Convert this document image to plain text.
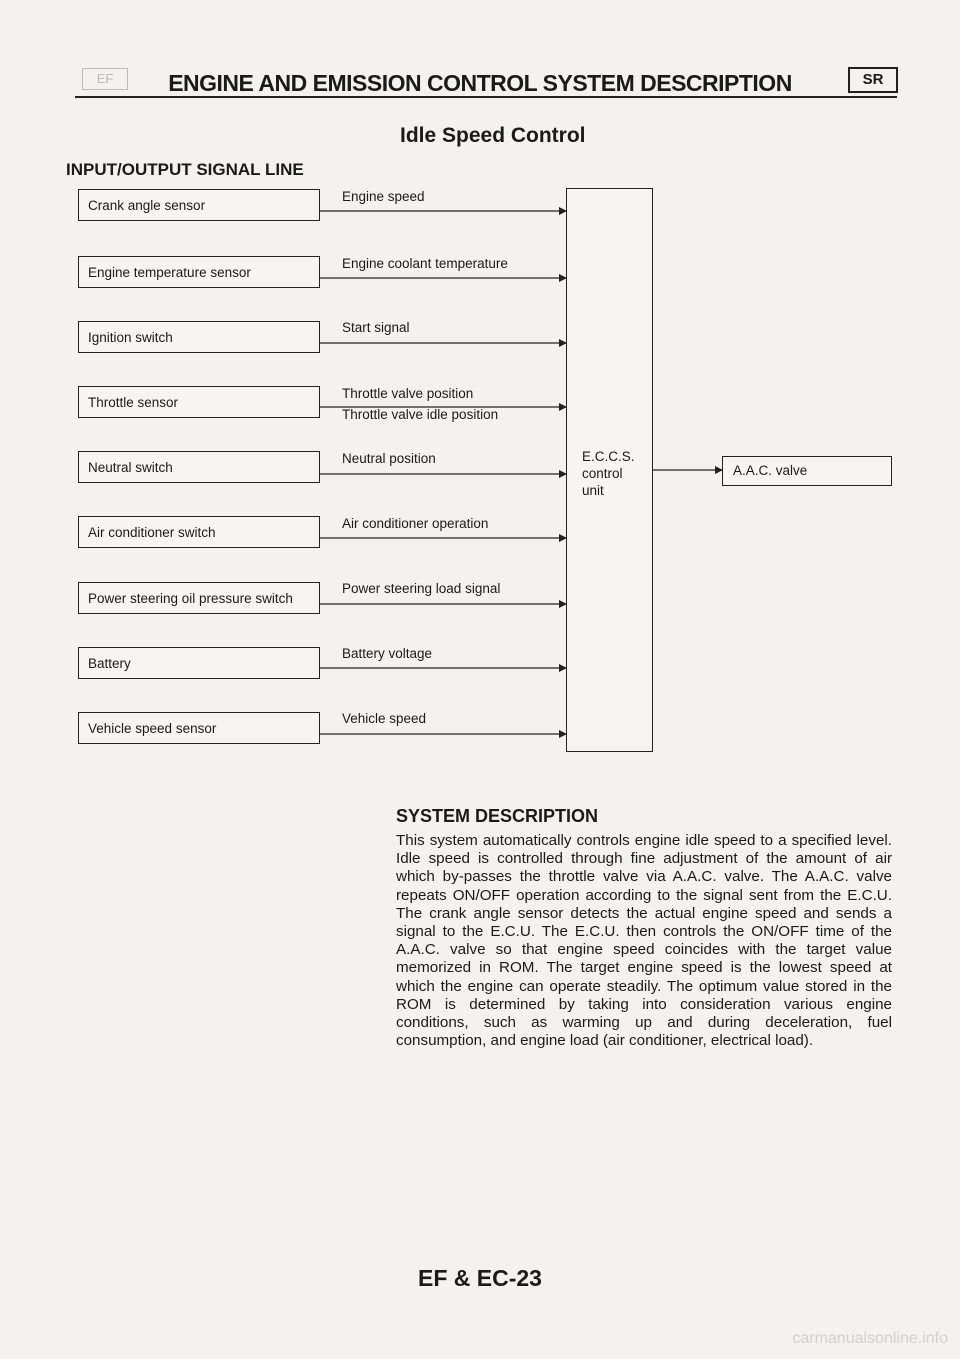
EF	ENGINE AND EMISSION CONTROL SYSTEM DESCRIPTION	SR
Idle Speed Control
INPUT/OUTPUT SIGNAL LINE
Crank angle sensor
Engine temperature sensor
Ignition switch
Throttle sensor
Neutral switch
Air conditioner switch
Power steering oil pressure switch
Battery
Vehicle speed sensor
Engine speed
Engine coolant temperature
Start signal
Throttle valve position
Throttle valve idle position
Neutral position
Air conditioner operation
Power steering load signal
Battery voltage
Vehicle speed
E.C.C.S.
control
unit
A.A.C. valve
SYSTEM DESCRIPTION
This system automatically controls engine idle speed to a specified level. Idle speed is controlled through fine adjustment of the amount of air which by-passes the throttle valve via A.A.C. valve. The A.A.C. valve repeats ON/OFF operation according to the signal sent from the E.C.U. The crank angle sensor detects the actual engine speed and sends a signal to the E.C.U. The E.C.U. then controls the ON/OFF time of the A.A.C. valve so that engine speed coincides with the target value memorized in ROM. The target engine speed is the lowest speed at which the engine can operate steadily. The optimum value stored in the ROM is determined by taking into consideration various engine conditions, such as warming up and during deceleration, fuel consumption, and engine load (air conditioner, electrical load).
EF & EC-23
carmanualsonline.info
